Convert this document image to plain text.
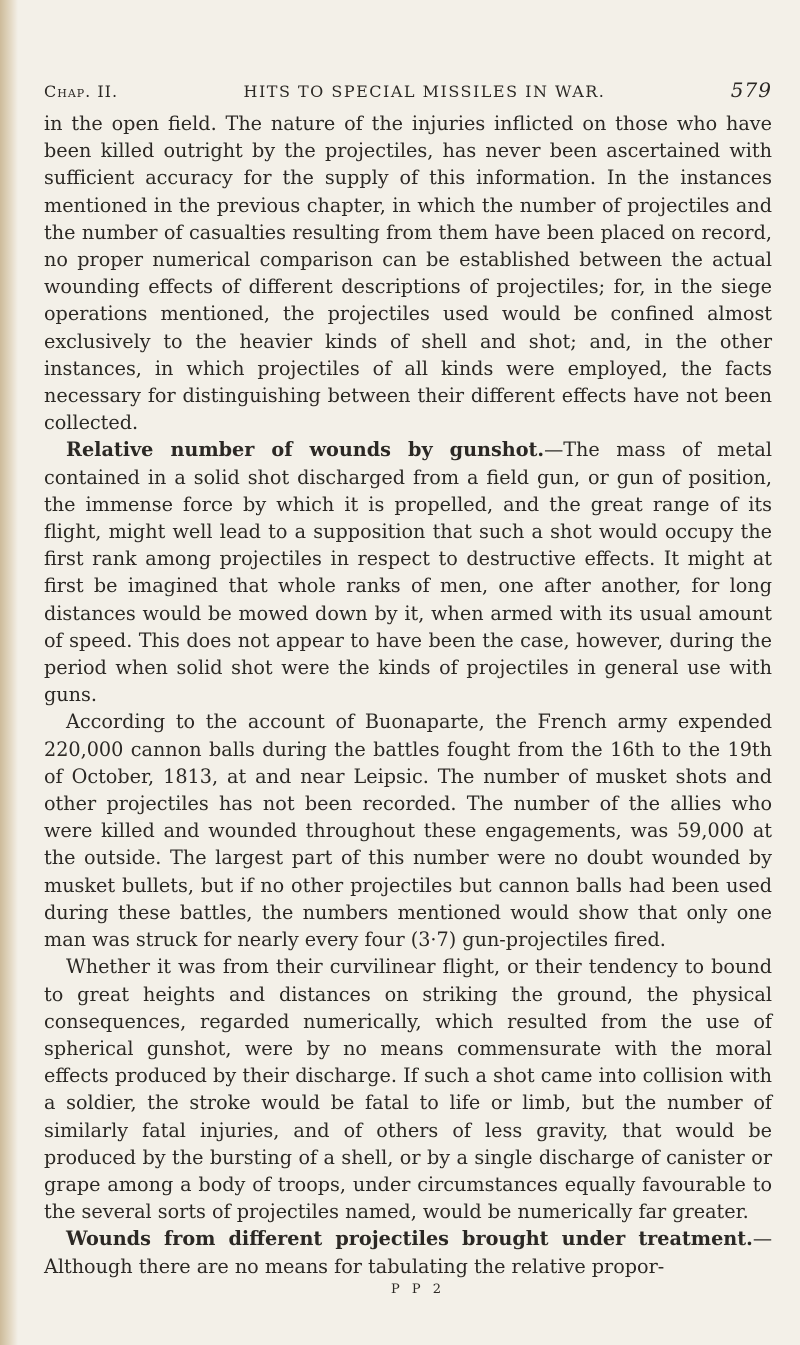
Chap. II.	HITS TO SPECIAL MISSILES IN WAR.	579

in the open field. The nature of the injuries inflicted on those who have been killed outright by the projectiles, has never been ascertained with sufficient accuracy for the supply of this information. In the instances mentioned in the previous chapter, in which the number of projectiles and the number of casualties resulting from them have been placed on record, no proper numerical comparison can be established between the actual wounding effects of different descriptions of projectiles; for, in the siege operations mentioned, the projectiles used would be confined almost exclusively to the heavier kinds of shell and shot; and, in the other instances, in which projectiles of all kinds were employed, the facts necessary for distinguishing between their different effects have not been collected.

Relative number of wounds by gunshot.—The mass of metal contained in a solid shot discharged from a field gun, or gun of position, the immense force by which it is propelled, and the great range of its flight, might well lead to a supposition that such a shot would occupy the first rank among projectiles in respect to destructive effects. It might at first be imagined that whole ranks of men, one after another, for long distances would be mowed down by it, when armed with its usual amount of speed. This does not appear to have been the case, however, during the period when solid shot were the kinds of projectiles in general use with guns.

According to the account of Buonaparte, the French army expended 220,000 cannon balls during the battles fought from the 16th to the 19th of October, 1813, at and near Leipsic. The number of musket shots and other projectiles has not been recorded. The number of the allies who were killed and wounded throughout these engagements, was 59,000 at the outside. The largest part of this number were no doubt wounded by musket bullets, but if no other projectiles but cannon balls had been used during these battles, the numbers mentioned would show that only one man was struck for nearly every four (3·7) gun-projectiles fired.

Whether it was from their curvilinear flight, or their tendency to bound to great heights and distances on striking the ground, the physical consequences, regarded numerically, which resulted from the use of spherical gunshot, were by no means commensurate with the moral effects produced by their discharge. If such a shot came into collision with a soldier, the stroke would be fatal to life or limb, but the number of similarly fatal injuries, and of others of less gravity, that would be produced by the bursting of a shell, or by a single discharge of canister or grape among a body of troops, under circumstances equally favourable to the several sorts of projectiles named, would be numerically far greater.

Wounds from different projectiles brought under treatment.—Although there are no means for tabulating the relative propor-

P P 2
